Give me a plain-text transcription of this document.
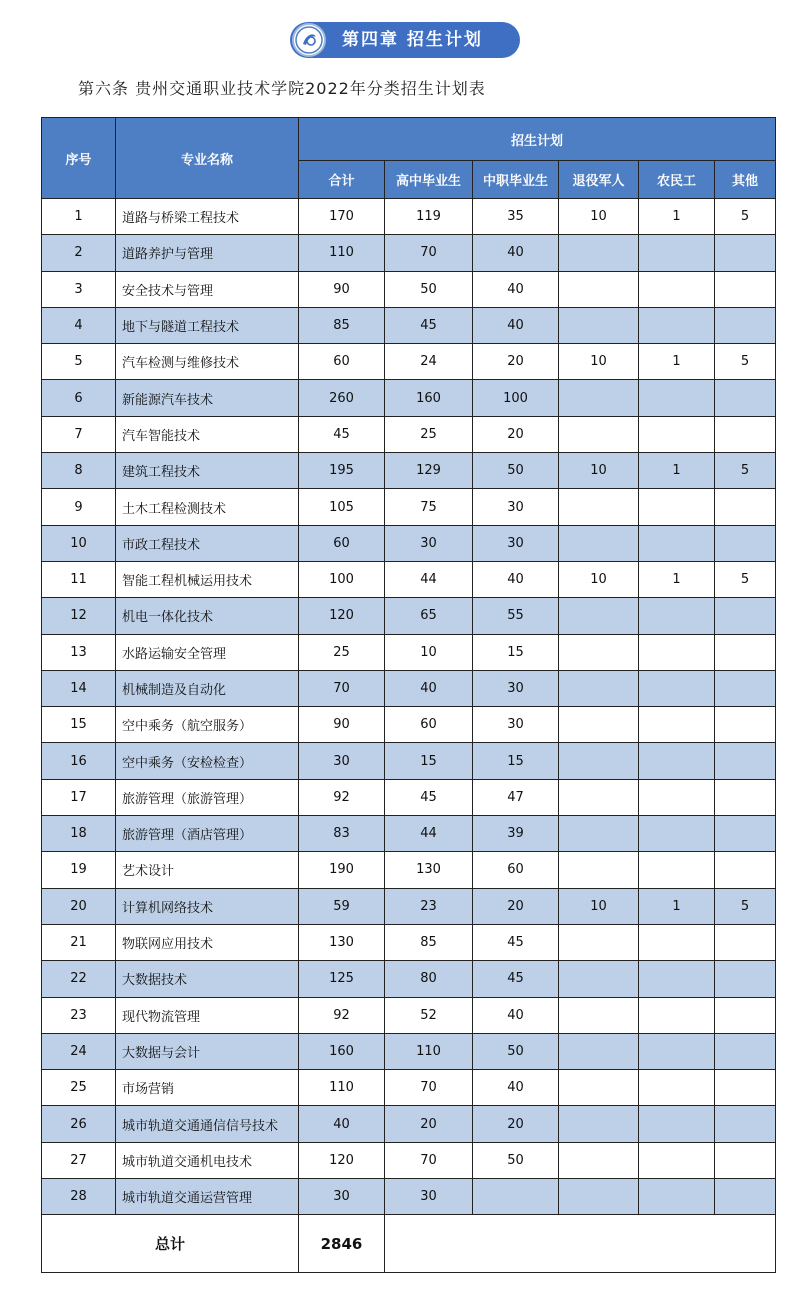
第四章 招生计划
第六条 贵州交通职业技术学院2022年分类招生计划表
序号	专业名称	招生计划					
		合计	高中毕业生	中职毕业生	退役军人	农民工	其他
1	道路与桥梁工程技术	170	119	35	10	1	5
2	道路养护与管理	110	70	40			
3	安全技术与管理	90	50	40			
4	地下与隧道工程技术	85	45	40			
5	汽车检测与维修技术	60	24	20	10	1	5
6	新能源汽车技术	260	160	100			
7	汽车智能技术	45	25	20			
8	建筑工程技术	195	129	50	10	1	5
9	土木工程检测技术	105	75	30			
10	市政工程技术	60	30	30			
11	智能工程机械运用技术	100	44	40	10	1	5
12	机电一体化技术	120	65	55			
13	水路运输安全管理	25	10	15			
14	机械制造及自动化	70	40	30			
15	空中乘务（航空服务）	90	60	30			
16	空中乘务（安检检查）	30	15	15			
17	旅游管理（旅游管理）	92	45	47			
18	旅游管理（酒店管理）	83	44	39			
19	艺术设计	190	130	60			
20	计算机网络技术	59	23	20	10	1	5
21	物联网应用技术	130	85	45			
22	大数据技术	125	80	45			
23	现代物流管理	92	52	40			
24	大数据与会计	160	110	50			
25	市场营销	110	70	40			
26	城市轨道交通通信信号技术	40	20	20			
27	城市轨道交通机电技术	120	70	50			
28	城市轨道交通运营管理	30	30				
总计		2846					
